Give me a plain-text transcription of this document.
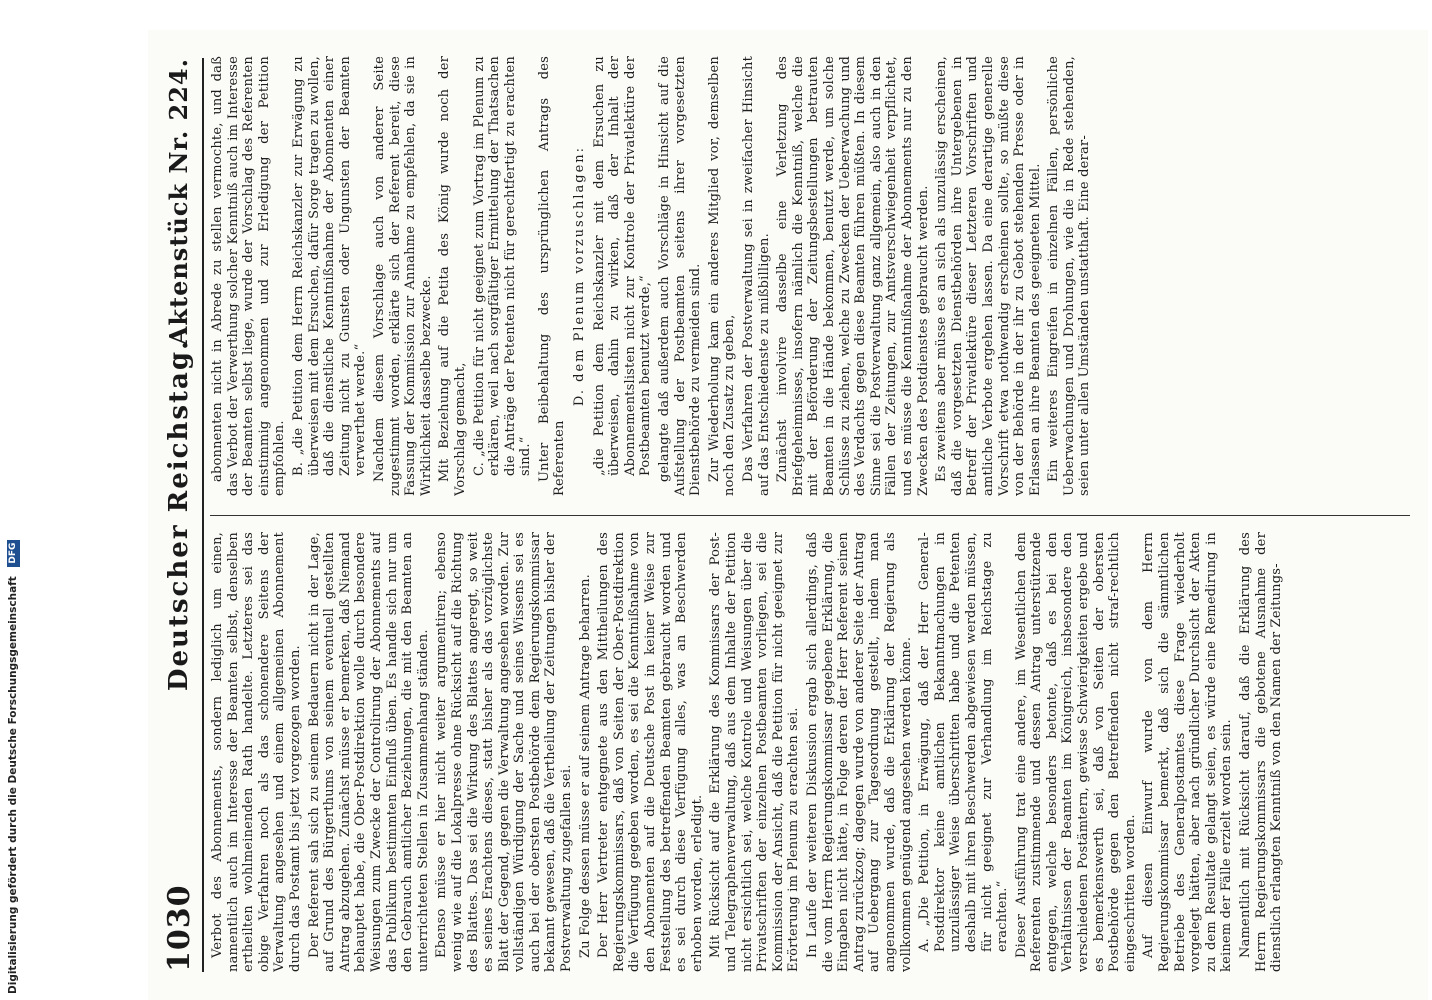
1030
Deutscher Reichstag.
Aktenstück Nr. 224.

Verbot des Abonnements, sondern lediglich um einen, namentlich auch im Interesse der Beamten selbst, denselben ertheilten wohlmeinenden Rath handelte. Letzteres sei das obige Verfahren noch als das schonendere Seitens der Verwaltung angesehen und einem allgemeinen Abonnement durch das Postamt bis jetzt vorgezogen worden. Der Referent sah sich zu seinem Bedauern nicht in der Lage, auf Grund des Bürgerthums von seinem eventuell gestellten Antrag abzugehen. Zunächst müsse er bemerken, daß Niemand behauptet habe, die Ober-Postdirektion wolle durch besondere Weisungen zum Zwecke der Controlirung der Abonnements auf das Publikum bestimmten Einfluß üben. Es handle sich nur um den Gebrauch amtlicher Beziehungen, die mit den Beamten an unterrichteten Stellen in Zusammenhang ständen. Ebenso müsse er hier nicht weiter argumentiren; ebenso wenig wie auf die Lokalpresse ohne Rücksicht auf die Richtung des Blattes. Das sei die Wirkung des Blattes angeregt, so weit es seines Erachtens dieses, statt bisher als das vorzüglichste Blatt der Gegend, gegen die Verwaltung angesehen worden. Zur vollständigen Würdigung der Sache und seines Wissens sei es auch bei der obersten Postbehörde dem Regierungskommissar bekannt gewesen, daß die Vertheilung der Zeitungen bisher der Postverwaltung zugefallen sei. Zu Folge dessen müsse er auf seinem Antrage beharren. Der Herr Vertreter entgegnete aus den Mittheilungen des Regierungskommissars, daß von Seiten der Ober-Postdirektion die Verfügung gegeben worden, es sei die Kenntnißnahme von den Abonnenten auf die Deutsche Post in keiner Weise zur Feststellung des betreffenden Beamten gebraucht worden und es sei durch diese Verfügung alles, was an Beschwerden erhoben worden, erledigt. Mit Rücksicht auf die Erklärung des Kommissars der Post- und Telegraphenverwaltung, daß aus dem Inhalte der Petition nicht ersichtlich sei, welche Kontrole und Weisungen über die Privatschriften der einzelnen Postbeamten vorliegen, sei die Kommission der Ansicht, daß die Petition für nicht geeignet zur Erörterung im Plenum zu erachten sei. In Laufe der weiteren Diskussion ergab sich allerdings, daß die vom Herrn Regierungskommissar gegebene Erklärung, die Eingaben nicht hätte, in Folge deren der Herr Referent seinen Antrag zurückzog; dagegen wurde von anderer Seite der Antrag auf Uebergang zur Tagesordnung gestellt, indem man angenommen wurde, daß die Erklärung der Regierung als vollkommen genügend angesehen werden könne. A. „Die Petition, in Erwägung, daß der Herr General-Postdirektor keine amtlichen Bekanntmachungen in unzulässiger Weise überschritten habe und die Petenten deshalb mit ihren Beschwerden abgewiesen werden müssen, für nicht geeignet zur Verhandlung im Reichstage zu erachten.“ Dieser Ausführung trat eine andere, im Wesentlichen dem Referenten zustimmende und dessen Antrag unterstützende entgegen, welche besonders betonte, daß es bei den Verhältnissen der Beamten im Königreich, insbesondere den verschiedenen Postämtern, gewisse Schwierigkeiten ergebe und es bemerkenswerth sei, daß von Seiten der obersten Postbehörde gegen den Betreffenden nicht straf-rechtlich eingeschritten worden. Auf diesen Einwurf wurde von dem Herrn Regierungskommissar bemerkt, daß sich die sämmtlichen Betriebe des Generalpostamtes diese Frage wiederholt vorgelegt hätten, aber nach gründlicher Durchsicht der Akten zu dem Resultate gelangt seien, es würde eine Remedirung in keinem der Fälle erzielt worden sein. Namentlich mit Rücksicht darauf, daß die Erklärung des Herrn Regierungskommissars die gebotene Ausnahme der dienstlich erlangten Kenntniß von den Namen der Zeitungs-

abonnenten nicht in Abrede zu stellen vermochte, und daß das Verbot der Verwerthung solcher Kenntniß auch im Interesse der Beamten selbst liege, wurde der Vorschlag des Referenten einstimmig angenommen und zur Erledigung der Petition empfohlen. B. „die Petition dem Herrn Reichskanzler zur Erwägung zu überweisen mit dem Ersuchen, dafür Sorge tragen zu wollen, daß die dienstliche Kenntnißnahme der Abonnenten einer Zeitung nicht zu Gunsten oder Ungunsten der Beamten verwerthet werde.“ Nachdem diesem Vorschlage auch von anderer Seite zugestimmt worden, erklärte sich der Referent bereit, diese Fassung der Kommission zur Annahme zu empfehlen, da sie in Wirklichkeit dasselbe bezwecke. Mit Beziehung auf die Petita des König wurde noch der Vorschlag gemacht, C. „die Petition für nicht geeignet zum Vortrag im Plenum zu erklären, weil nach sorgfältiger Ermittelung der Thatsachen die Anträge der Petenten nicht für gerechtfertigt zu erachten sind.“ Unter Beibehaltung des ursprünglichen Antrags des Referenten

D. dem Plenum vorzuschlagen: „die Petition dem Reichskanzler mit dem Ersuchen zu überweisen, dahin zu wirken, daß der Inhalt der Abonnementslisten nicht zur Kontrole der Privatlektüre der Postbeamten benutzt werde,“ gelangte daß außerdem auch Vorschläge in Hinsicht auf die Aufstellung der Postbeamten seitens ihrer vorgesetzten Dienstbehörde zu vermeiden sind. Zur Wiederholung kam ein anderes Mitglied vor, demselben noch den Zusatz zu geben, Das Verfahren der Postverwaltung sei in zweifacher Hinsicht auf das Entschiedenste zu mißbilligen. Zunächst involvire dasselbe eine Verletzung des Briefgeheimnisses, insofern nämlich die Kenntniß, welche die mit der Beförderung der Zeitungsbestellungen betrauten Beamten in die Hände bekommen, benutzt werde, um solche Schlüsse zu ziehen, welche zu Zwecken der Ueberwachung und des Verdachts gegen diese Beamten führen müßten. In diesem Sinne sei die Postverwaltung ganz allgemein, also auch in den Fällen der Zeitungen, zur Amtsverschwiegenheit verpflichtet, und es müsse die Kenntnißnahme der Abonnements nur zu den Zwecken des Postdienstes gebraucht werden. Es zweitens aber müsse es an sich als unzulässig erscheinen, daß die vorgesetzten Dienstbehörden ihre Untergebenen in Betreff der Privatlektüre dieser Letzteren Vorschriften und amtliche Verbote ergehen lassen. Da eine derartige generelle Vorschrift etwa nothwendig erscheinen sollte, so müßte diese von der Behörde in der ihr zu Gebot stehenden Presse oder in Erlassen an ihre Beamten des geeigneten Mittel. Ein weiteres Eingreifen in einzelnen Fällen, persönliche Ueberwachungen und Drohungen, wie die in Rede stehenden, seien unter allen Umständen unstatthaft. Eine derar-

Digitalisierung gefördert durch die Deutsche Forschungsgemeinschaft DFG
